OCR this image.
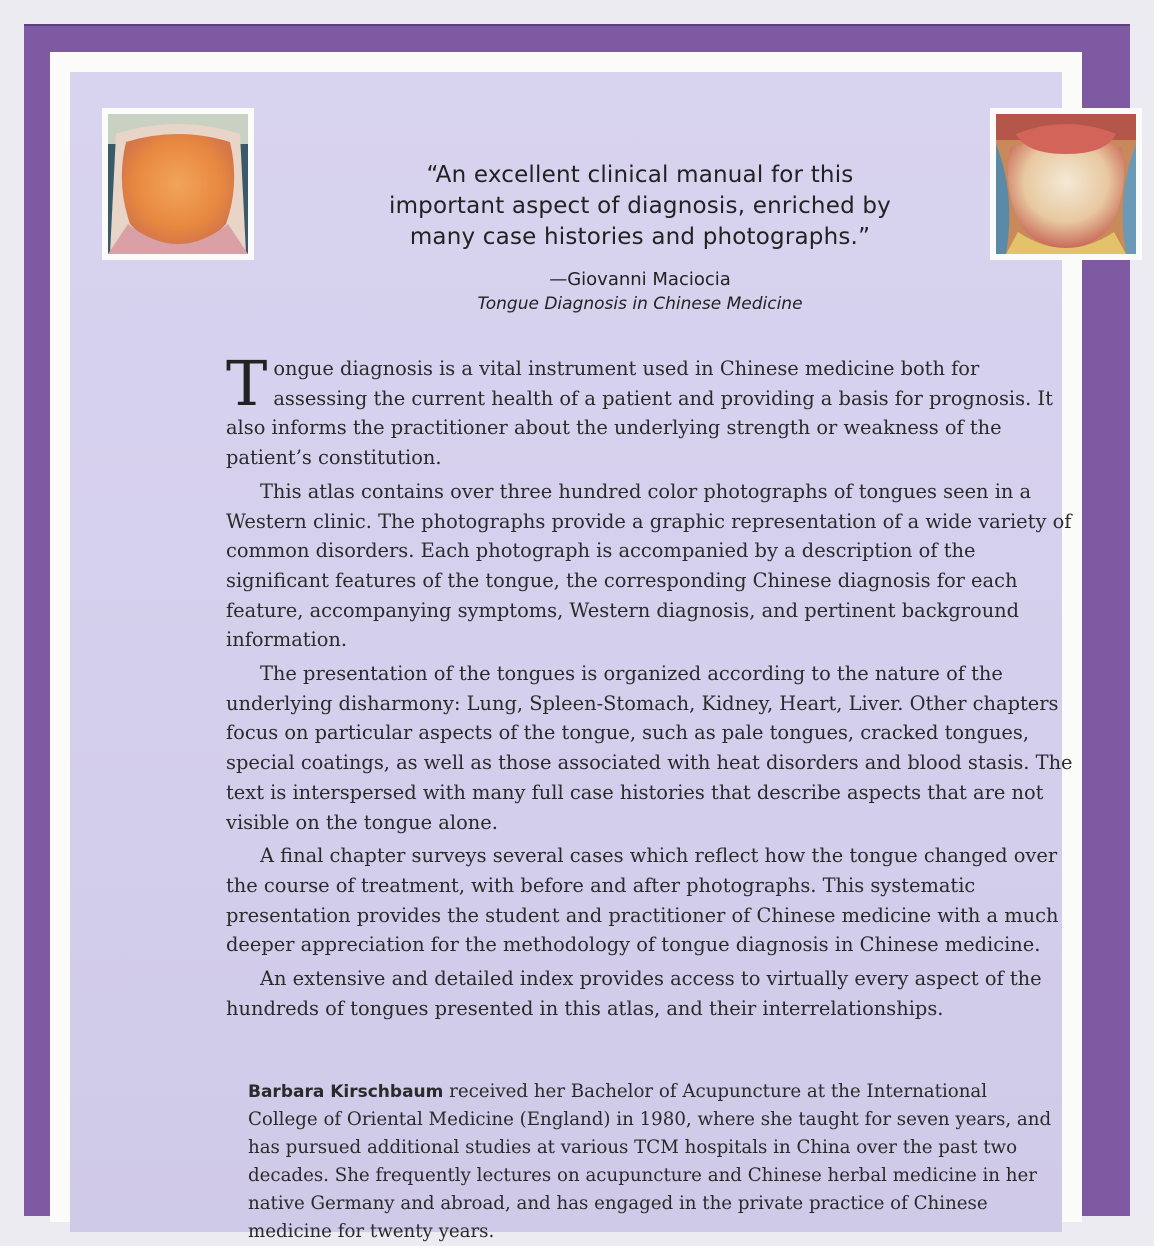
“An excellent clinical manual for this

important aspect of diagnosis, enriched by

many case histories and photographs.”

—Giovanni Maciocia
Tongue Diagnosis in Chinese Medicine

Tongue diagnosis is a vital instrument used in Chinese medicine both for assessing the current health of a patient and providing a basis for prognosis. It also informs the practitioner about the underlying strength or weakness of the patient’s constitution.

This atlas contains over three hundred color photographs of tongues seen in a Western clinic. The photographs provide a graphic representation of a wide variety of common disorders. Each photograph is accompanied by a description of the significant features of the tongue, the corresponding Chinese diagnosis for each feature, accompanying symptoms, Western diagnosis, and pertinent background information.

The presentation of the tongues is organized according to the nature of the underlying disharmony: Lung, Spleen-Stomach, Kidney, Heart, Liver. Other chapters focus on particular aspects of the tongue, such as pale tongues, cracked tongues, special coatings, as well as those associated with heat disorders and blood stasis. The text is interspersed with many full case histories that describe aspects that are not visible on the tongue alone.

A final chapter surveys several cases which reflect how the tongue changed over the course of treatment, with before and after photographs. This systematic presentation provides the student and practitioner of Chinese medicine with a much deeper appreciation for the methodology of tongue diagnosis in Chinese medicine.

An extensive and detailed index provides access to virtually every aspect of the hundreds of tongues presented in this atlas, and their interrelationships.

Barbara Kirschbaum received her Bachelor of Acupuncture at the International College of Oriental Medicine (England) in 1980, where she taught for seven years, and has pursued additional studies at various TCM hospitals in China over the past two decades. She frequently lectures on acupuncture and Chinese herbal medicine in her native Germany and abroad, and has engaged in the private practice of Chinese medicine for twenty years.
